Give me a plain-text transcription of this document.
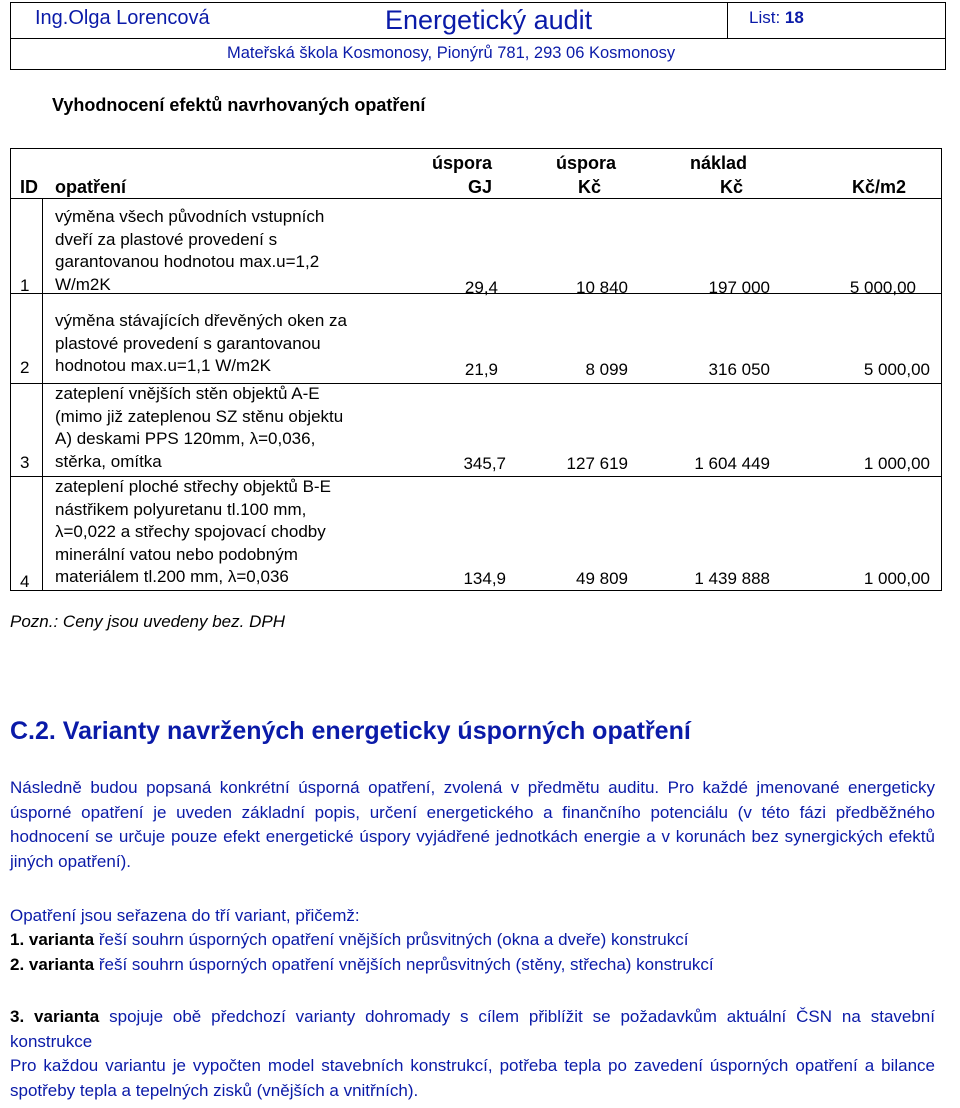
Ing.Olga Lorencová	Energetický audit	List: 18
Mateřská škola Kosmonosy, Pionýrů 781, 293 06 Kosmonosy
Vyhodnocení efektů navrhovaných opatření
úspora	úspora	náklad
ID opatření	GJ	Kč	Kč	Kč/m2
1
výměna všech původních vstupních
dveří za plastové provedení s
garantovanou hodnotou max.u=1,2
W/m2K	29,4	10 840	197 000	5 000,00
2
výměna stávajících dřevěných oken za
plastové provedení s garantovanou
hodnotou max.u=1,1 W/m2K	21,9	8 099	316 050	5 000,00
3
zateplení vnějších stěn objektů A-E
(mimo již zateplenou SZ stěnu objektu
A) deskami PPS 120mm, λ=0,036,
stěrka, omítka	345,7	127 619	1 604 449	1 000,00
4
zateplení ploché střechy objektů B-E
nástřikem polyuretanu tl.100 mm,
λ=0,022 a střechy spojovací chodby
minerální vatou nebo podobným
materiálem tl.200 mm, λ=0,036	134,9	49 809	1 439 888	1 000,00
Pozn.: Ceny jsou uvedeny bez. DPH
C.2. Varianty navržených energeticky úsporných opatření
Následně budou popsaná konkrétní úsporná opatření, zvolená v předmětu auditu. Pro každé jmenované energeticky úsporné opatření je uveden základní popis, určení energetického a finančního potenciálu (v této fázi předběžného hodnocení se určuje pouze efekt energetické úspory vyjádřené jednotkách energie a v korunách bez synergických efektů jiných opatření).
Opatření jsou seřazena do tří variant, přičemž:
1. varianta řeší souhrn úsporných opatření vnějších průsvitných (okna a dveře) konstrukcí
2. varianta řeší souhrn úsporných opatření vnějších neprůsvitných (stěny, střecha) konstrukcí
3. varianta spojuje obě předchozí varianty dohromady s cílem přiblížit se požadavkům aktuální ČSN na stavební konstrukce
Pro každou variantu je vypočten model stavebních konstrukcí, potřeba tepla po zavedení úsporných opatření a bilance spotřeby tepla a tepelných zisků (vnějších a vnitřních).
